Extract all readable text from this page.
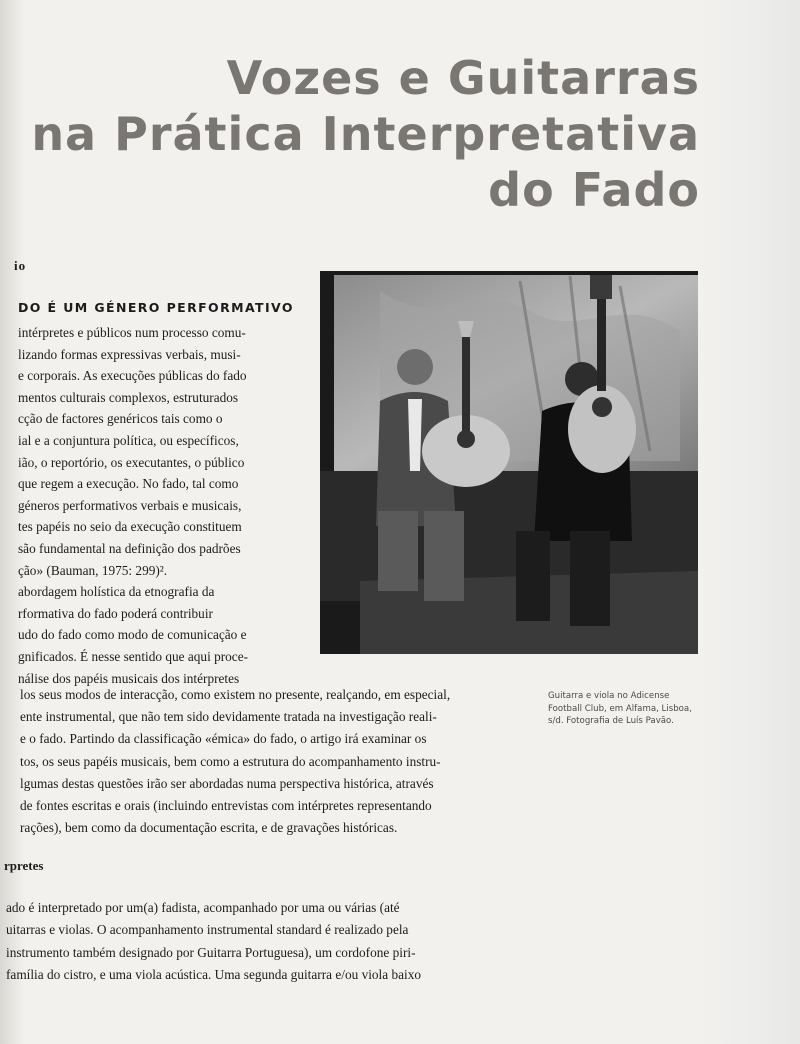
Vozes e Guitarras
na Prática Interpretativa
do Fado
io
DO É UM GÉNERO PERFORMATIVO
intérpretes e públicos num processo comu-
lizando formas expressivas verbais, musi-
e corporais. As execuções públicas do fado
mentos culturais complexos, estruturados
cção de factores genéricos tais como o
ial e a conjuntura política, ou específicos,
ião, o reportório, os executantes, o público
que regem a execução. No fado, tal como
géneros performativos verbais e musicais,
tes papéis no seio da execução constituem
são fundamental na definição dos padrões
ção» (Bauman, 1975: 299)².
abordagem holística da etnografia da
rformativa do fado poderá contribuir
udo do fado como modo de comunicação e
gnificados. É nesse sentido que aqui proce-
nálise dos papéis musicais dos intérpretes
Guitarra e viola no Adicense
Football Club, em Alfama, Lisboa,
s/d. Fotografia de Luís Pavão.
los seus modos de interacção, como existem no presente, realçando, em especial,
ente instrumental, que não tem sido devidamente tratada na investigação reali-
e o fado. Partindo da classificação «émica» do fado, o artigo irá examinar os
tos, os seus papéis musicais, bem como a estrutura do acompanhamento instru-
lgumas destas questões irão ser abordadas numa perspectiva histórica, através
de fontes escritas e orais (incluindo entrevistas com intérpretes representando
rações), bem como da documentação escrita, e de gravações históricas.
rpretes
ado é interpretado por um(a) fadista, acompanhado por uma ou várias (até
uitarras e violas. O acompanhamento instrumental standard é realizado pela
instrumento também designado por Guitarra Portuguesa), um cordofone piri-
família do cistro, e uma viola acústica. Uma segunda guitarra e/ou viola baixo
